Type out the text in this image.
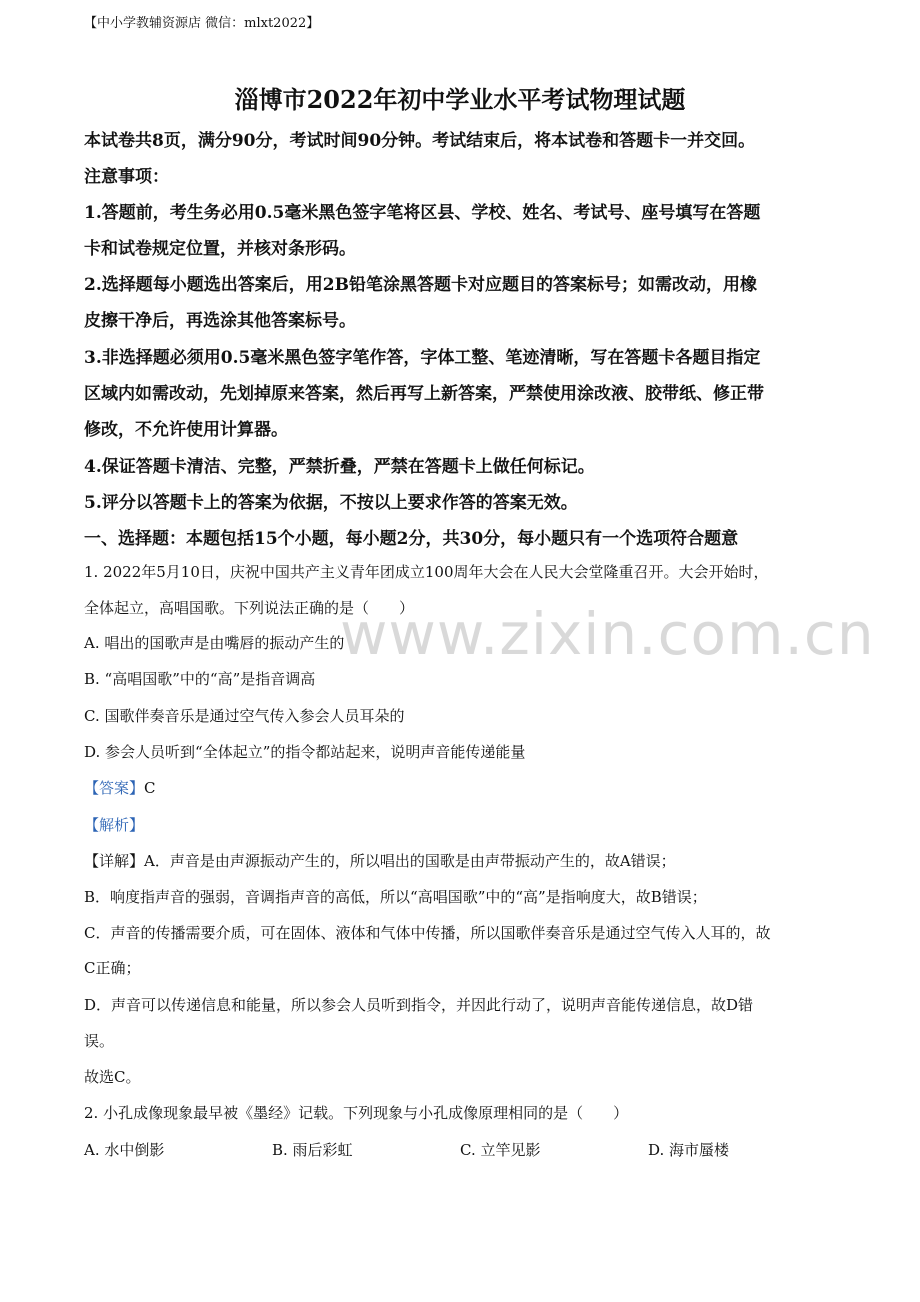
【中小学教辅资源店 微信：mlxt2022】
淄博市2022年初中学业水平考试物理试题
www.zixin.com.cn
本试卷共8页，满分90分，考试时间90分钟。考试结束后，将本试卷和答题卡一并交回。
注意事项：
1.答题前，考生务必用0.5毫米黑色签字笔将区县、学校、姓名、考试号、座号填写在答题
卡和试卷规定位置，并核对条形码。
2.选择题每小题选出答案后，用2B铅笔涂黑答题卡对应题目的答案标号；如需改动，用橡
皮擦干净后，再选涂其他答案标号。
3.非选择题必须用0.5毫米黑色签字笔作答，字体工整、笔迹清晰，写在答题卡各题目指定
区域内如需改动，先划掉原来答案，然后再写上新答案，严禁使用涂改液、胶带纸、修正带
修改，不允许使用计算器。
4.保证答题卡清洁、完整，严禁折叠，严禁在答题卡上做任何标记。
5.评分以答题卡上的答案为依据，不按以上要求作答的答案无效。
一、选择题：本题包括15个小题，每小题2分，共30分，每小题只有一个选项符合题意
1. 2022年5月10日，庆祝中国共产主义青年团成立100周年大会在人民大会堂隆重召开。大会开始时，
全体起立，高唱国歌。下列说法正确的是（　　）
A. 唱出的国歌声是由嘴唇的振动产生的
B. “高唱国歌”中的“高”是指音调高
C. 国歌伴奏音乐是通过空气传入参会人员耳朵的
D. 参会人员听到“全体起立”的指令都站起来，说明声音能传递能量
【答案】C
【解析】
【详解】A．声音是由声源振动产生的，所以唱出的国歌是由声带振动产生的，故A错误；
B．响度指声音的强弱，音调指声音的高低，所以“高唱国歌”中的“高”是指响度大，故B错误；
C．声音的传播需要介质，可在固体、液体和气体中传播，所以国歌伴奏音乐是通过空气传入人耳的，故
C正确；
D．声音可以传递信息和能量，所以参会人员听到指令，并因此行动了，说明声音能传递信息，故D错
误。
故选C。
2. 小孔成像现象最早被《墨经》记载。下列现象与小孔成像原理相同的是（　　）
A. 水中倒影	B. 雨后彩虹	C. 立竿见影	D. 海市蜃楼
